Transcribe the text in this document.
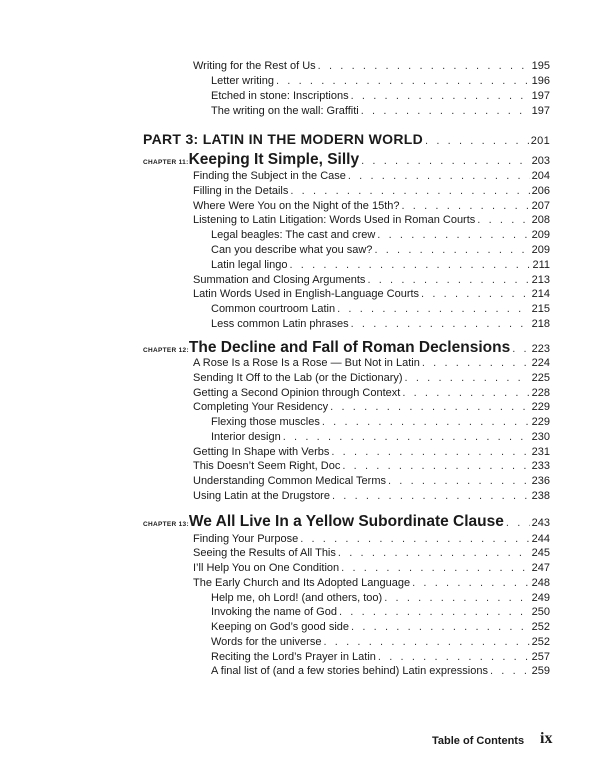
Writing for the Rest of Us . . .	195
Letter writing . . .	196
Etched in stone: Inscriptions . . .	197
The writing on the wall: Graffiti . . .	197
PART 3: LATIN IN THE MODERN WORLD . . .	201
CHAPTER 11: Keeping It Simple, Silly . . .	203
Finding the Subject in the Case . . .	204
Filling in the Details . . .	206
Where Were You on the Night of the 15th? . . .	207
Listening to Latin Litigation: Words Used in Roman Courts . . .	208
Legal beagles: The cast and crew . . .	209
Can you describe what you saw? . . .	209
Latin legal lingo . . .	211
Summation and Closing Arguments . . .	213
Latin Words Used in English-Language Courts . . .	214
Common courtroom Latin . . .	215
Less common Latin phrases . . .	218
CHAPTER 12: The Decline and Fall of Roman Declensions . . . 223
A Rose Is a Rose Is a Rose — But Not in Latin . . .	224
Sending It Off to the Lab (or the Dictionary) . . .	225
Getting a Second Opinion through Context . . .	228
Completing Your Residency . . .	229
Flexing those muscles . . .	229
Interior design . . .	230
Getting In Shape with Verbs . . .	231
This Doesn’t Seem Right, Doc . . .	233
Understanding Common Medical Terms . . .	236
Using Latin at the Drugstore . . .	238
CHAPTER 13: We All Live In a Yellow Subordinate Clause . . .	243
Finding Your Purpose . . .	244
Seeing the Results of All This . . .	245
I’ll Help You on One Condition . . .	247
The Early Church and Its Adopted Language . . .	248
Help me, oh Lord! (and others, too) . . .	249
Invoking the name of God . . .	250
Keeping on God’s good side . . .	252
Words for the universe . . .	252
Reciting the Lord’s Prayer in Latin . . .	257
A final list of (and a few stories behind) Latin expressions . . .	259
Table of Contents ix
